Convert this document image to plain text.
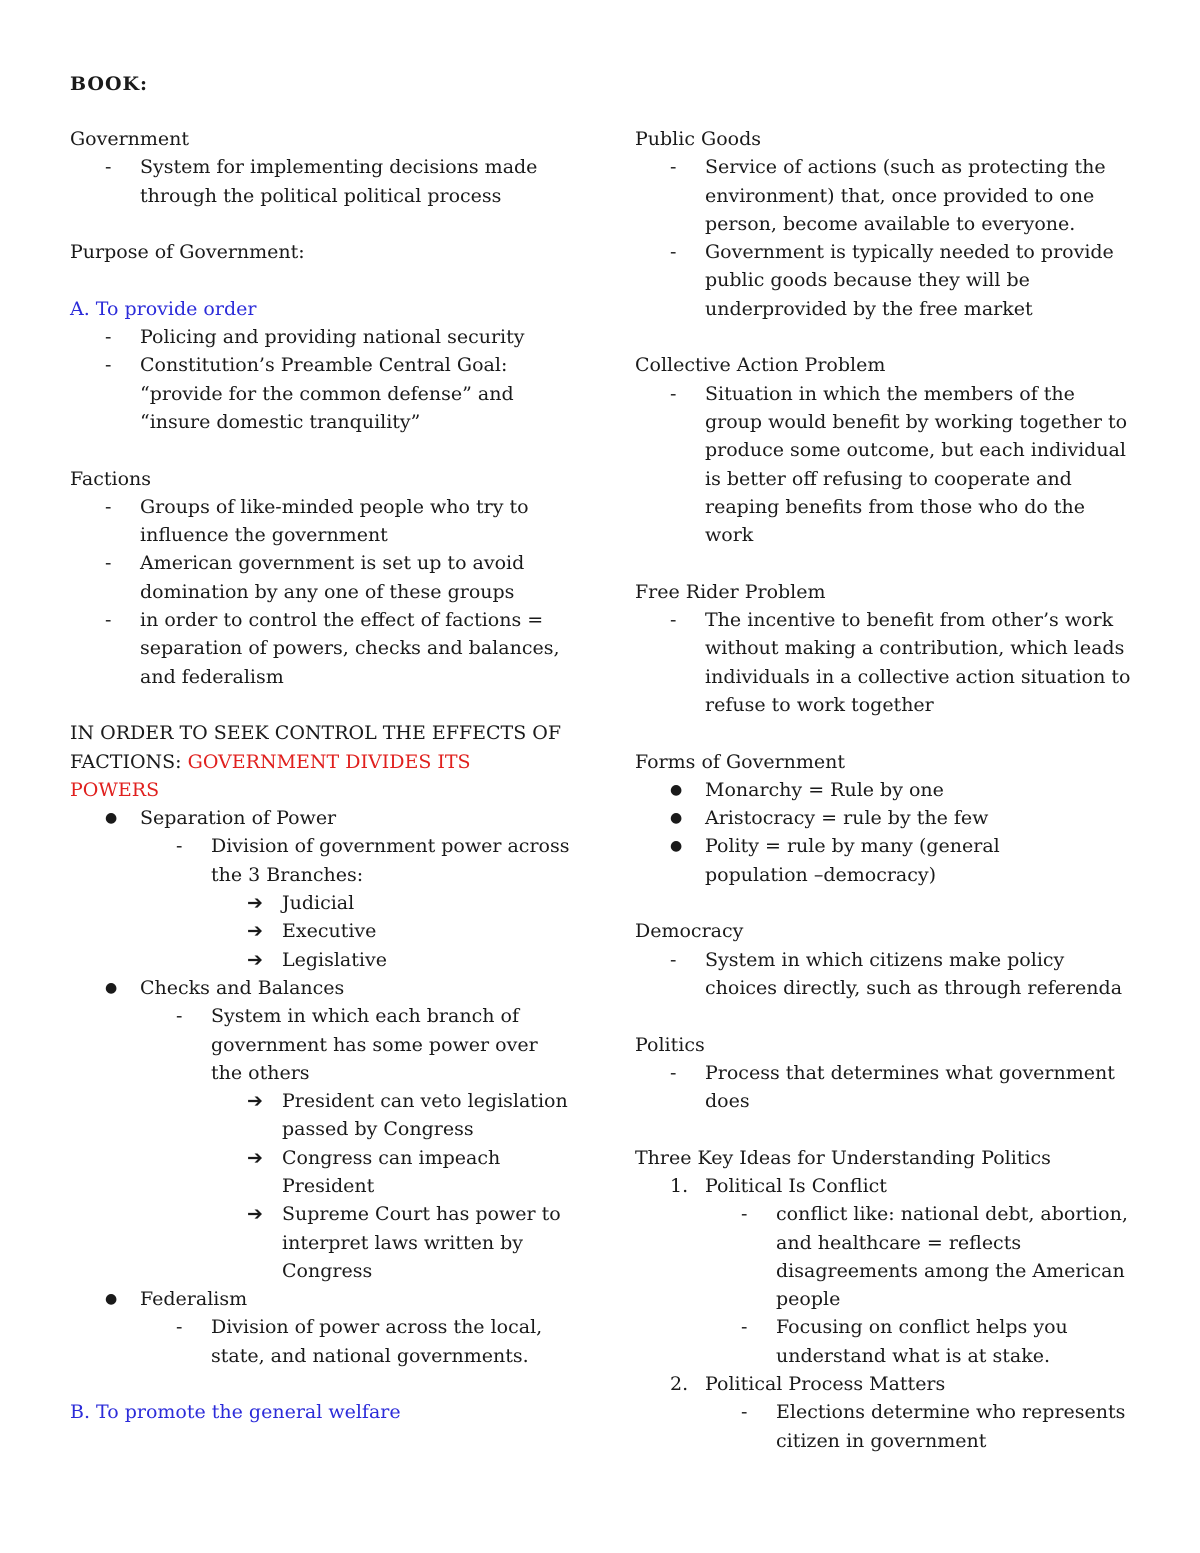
BOOK:
Government
- System for implementing decisions made
through the political political process
Purpose of Government:
A. To provide order
- Policing and providing national security
- Constitution’s Preamble Central Goal:
“provide for the common defense” and
“insure domestic tranquility”
Factions
- Groups of like-minded people who try to
influence the government
- American government is set up to avoid
domination by any one of these groups
- in order to control the effect of factions =
separation of powers, checks and balances,
and federalism
IN ORDER TO SEEK CONTROL THE EFFECTS OF
FACTIONS: GOVERNMENT DIVIDES ITS
POWERS
● Separation of Power
- Division of government power across
the 3 Branches:
➔ Judicial
➔ Executive
➔ Legislative
● Checks and Balances
- System in which each branch of
government has some power over
the others
➔ President can veto legislation
passed by Congress
➔ Congress can impeach
President
➔ Supreme Court has power to
interpret laws written by
Congress
● Federalism
- Division of power across the local,
state, and national governments.
B. To promote the general welfare
Public Goods
- Service of actions (such as protecting the
environment) that, once provided to one
person, become available to everyone.
- Government is typically needed to provide
public goods because they will be
underprovided by the free market
Collective Action Problem
- Situation in which the members of the
group would benefit by working together to
produce some outcome, but each individual
is better off refusing to cooperate and
reaping benefits from those who do the
work
Free Rider Problem
- The incentive to benefit from other’s work
without making a contribution, which leads
individuals in a collective action situation to
refuse to work together
Forms of Government
● Monarchy = Rule by one
● Aristocracy = rule by the few
● Polity = rule by many (general
population –democracy)
Democracy
- System in which citizens make policy
choices directly, such as through referenda
Politics
- Process that determines what government
does
Three Key Ideas for Understanding Politics
1. Political Is Conflict
- conflict like: national debt, abortion,
and healthcare = reflects
disagreements among the American
people
- Focusing on conflict helps you
understand what is at stake.
2. Political Process Matters
- Elections determine who represents
citizen in government
